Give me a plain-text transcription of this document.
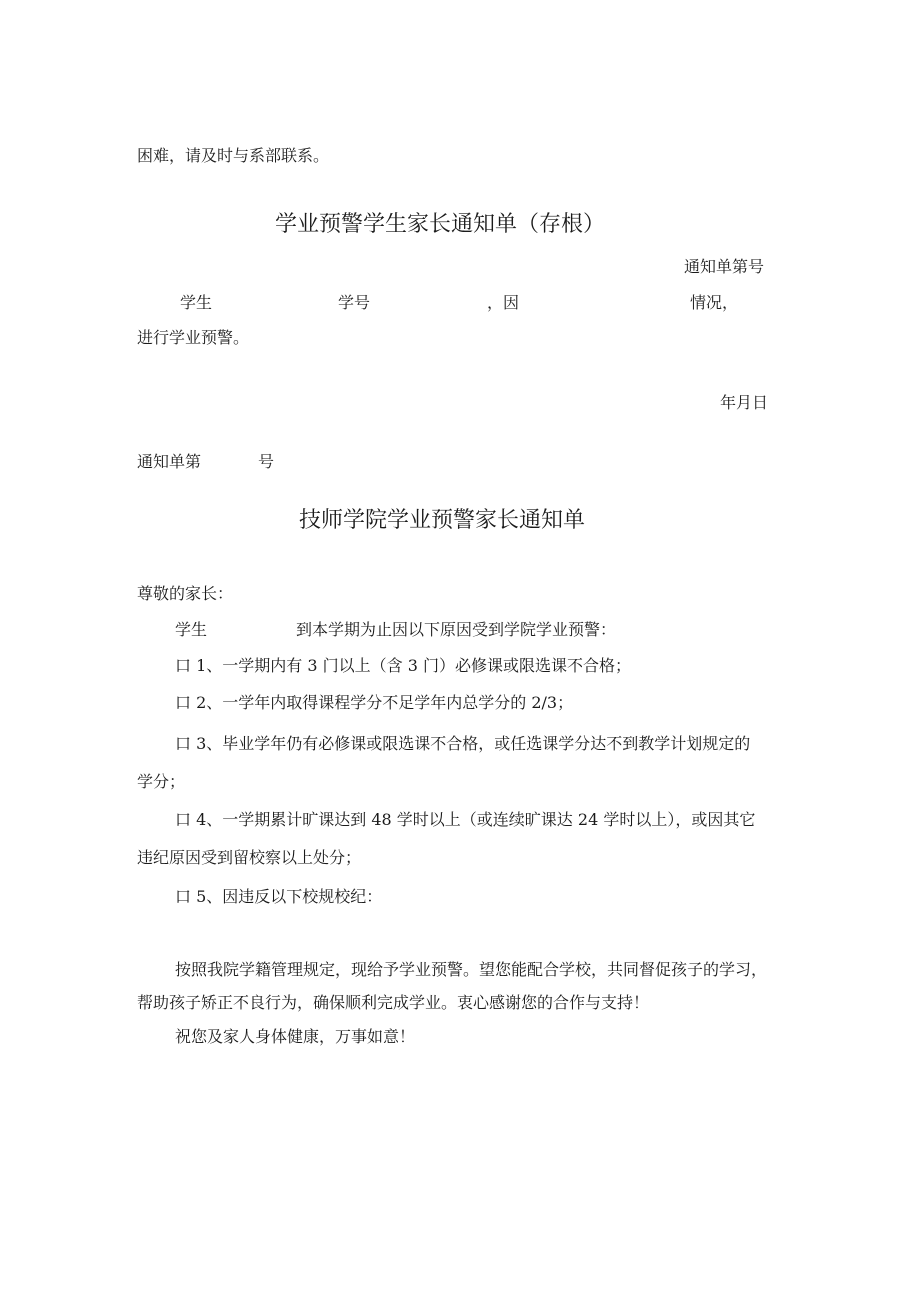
困难，请及时与系部联系。
学业预警学生家长通知单（存根）
通知单第号
学生	学号	，因	情况，
进行学业预警。
年月日
通知单第	号
技师学院学业预警家长通知单
尊敬的家长：
学生	到本学期为止因以下原因受到学院学业预警：
口 1、一学期内有 3 门以上（含 3 门）必修课或限选课不合格；
口 2、一学年内取得课程学分不足学年内总学分的 2/3；
口 3、毕业学年仍有必修课或限选课不合格，或任选课学分达不到教学计划规定的
学分；
口 4、一学期累计旷课达到 48 学时以上（或连续旷课达 24 学时以上），或因其它
违纪原因受到留校察以上处分；
口 5、因违反以下校规校纪：
按照我院学籍管理规定，现给予学业预警。望您能配合学校，共同督促孩子的学习，
帮助孩子矫正不良行为，确保顺利完成学业。衷心感谢您的合作与支持！
祝您及家人身体健康，万事如意！
